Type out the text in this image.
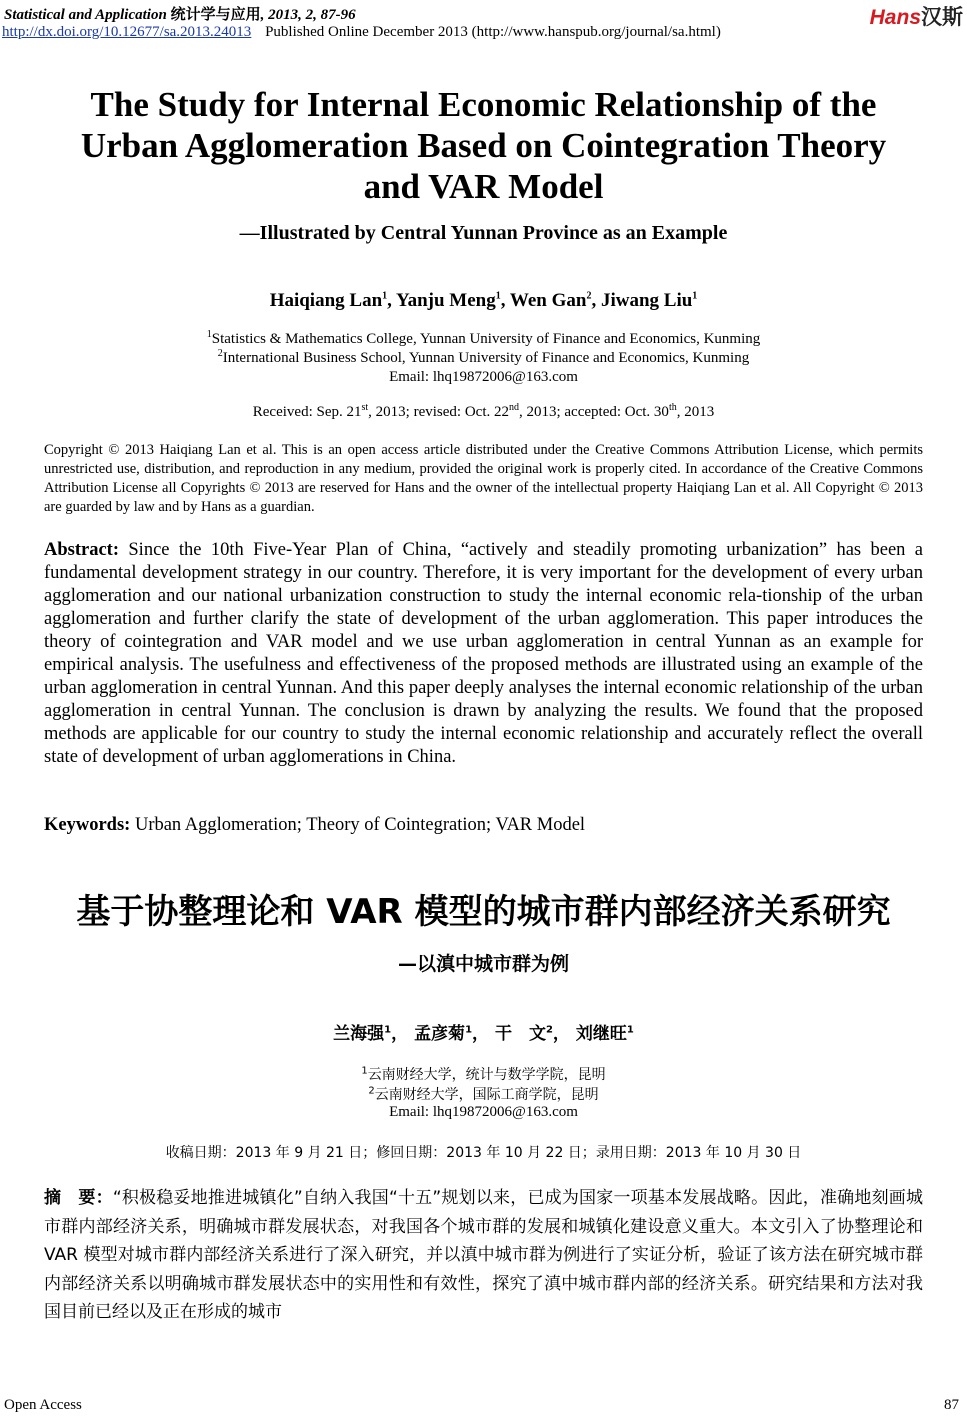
Statistical and Application 统计学与应用, 2013, 2, 87-96
http://dx.doi.org/10.12677/sa.2013.24013 Published Online December 2013 (http://www.hanspub.org/journal/sa.html)
Hans汉斯
The Study for Internal Economic Relationship of the
Urban Agglomeration Based on Cointegration Theory
and VAR Model
—Illustrated by Central Yunnan Province as an Example
Haiqiang Lan$^1$, Yanju Meng$^1$, Wen Gan$^2$, Jiwang Liu$^1$
$^1$Statistics & Mathematics College, Yunnan University of Finance and Economics, Kunming
$^2$International Business School, Yunnan University of Finance and Economics, Kunming
Email: lhq19872006@163.com
Received: Sep. 21st, 2013; revised: Oct. 22nd, 2013; accepted: Oct. 30th, 2013
Copyright © 2013 Haiqiang Lan et al. This is an open access article distributed under the Creative Commons Attribution License, which permits unrestricted use, distribution, and reproduction in any medium, provided the original work is properly cited. In accordance of the Creative Commons Attribution License all Copyrights © 2013 are reserved for Hans and the owner of the intellectual property Haiqiang Lan et al. All Copyright © 2013 are guarded by law and by Hans as a guardian.
Abstract: Since the 10th Five-Year Plan of China, “actively and steadily promoting urbanization” has been a fundamental development strategy in our country. Therefore, it is very important for the development of every urban agglomeration and our national urbanization construction to study the internal economic rela-tionship of the urban agglomeration and further clarify the state of development of the urban agglomeration. This paper introduces the theory of cointegration and VAR model and we use urban agglomeration in central Yunnan as an example for empirical analysis. The usefulness and effectiveness of the proposed methods are illustrated using an example of the urban agglomeration in central Yunnan. And this paper deeply analyses the internal economic relationship of the urban agglomeration in central Yunnan. The conclusion is drawn by analyzing the results. We found that the proposed methods are applicable for our country to study the internal economic relationship and accurately reflect the overall state of development of urban agglomerations in China.
Keywords: Urban Agglomeration; Theory of Cointegration; VAR Model
基于协整理论和 VAR 模型的城市群内部经济关系研究
—以滇中城市群为例
兰海强$^1$， 孟彦菊$^1$， 干　文$^2$， 刘继旺$^1$
$^1$云南财经大学，统计与数学学院，昆明
$^2$云南财经大学，国际工商学院，昆明
Email: lhq19872006@163.com
收稿日期：2013 年 9 月 21 日；修回日期：2013 年 10 月 22 日；录用日期：2013 年 10 月 30 日
摘　要：“积极稳妥地推进城镇化”自纳入我国“十五”规划以来，已成为国家一项基本发展战略。因此，准确地刻画城市群内部经济关系，明确城市群发展状态，对我国各个城市群的发展和城镇化建设意义重大。本文引入了协整理论和 VAR 模型对城市群内部经济关系进行了深入研究，并以滇中城市群为例进行了实证分析，验证了该方法在研究城市群内部经济关系以明确城市群发展状态中的实用性和有效性，探究了滇中城市群内部的经济关系。研究结果和方法对我国目前已经以及正在形成的城市
Open Access	87
